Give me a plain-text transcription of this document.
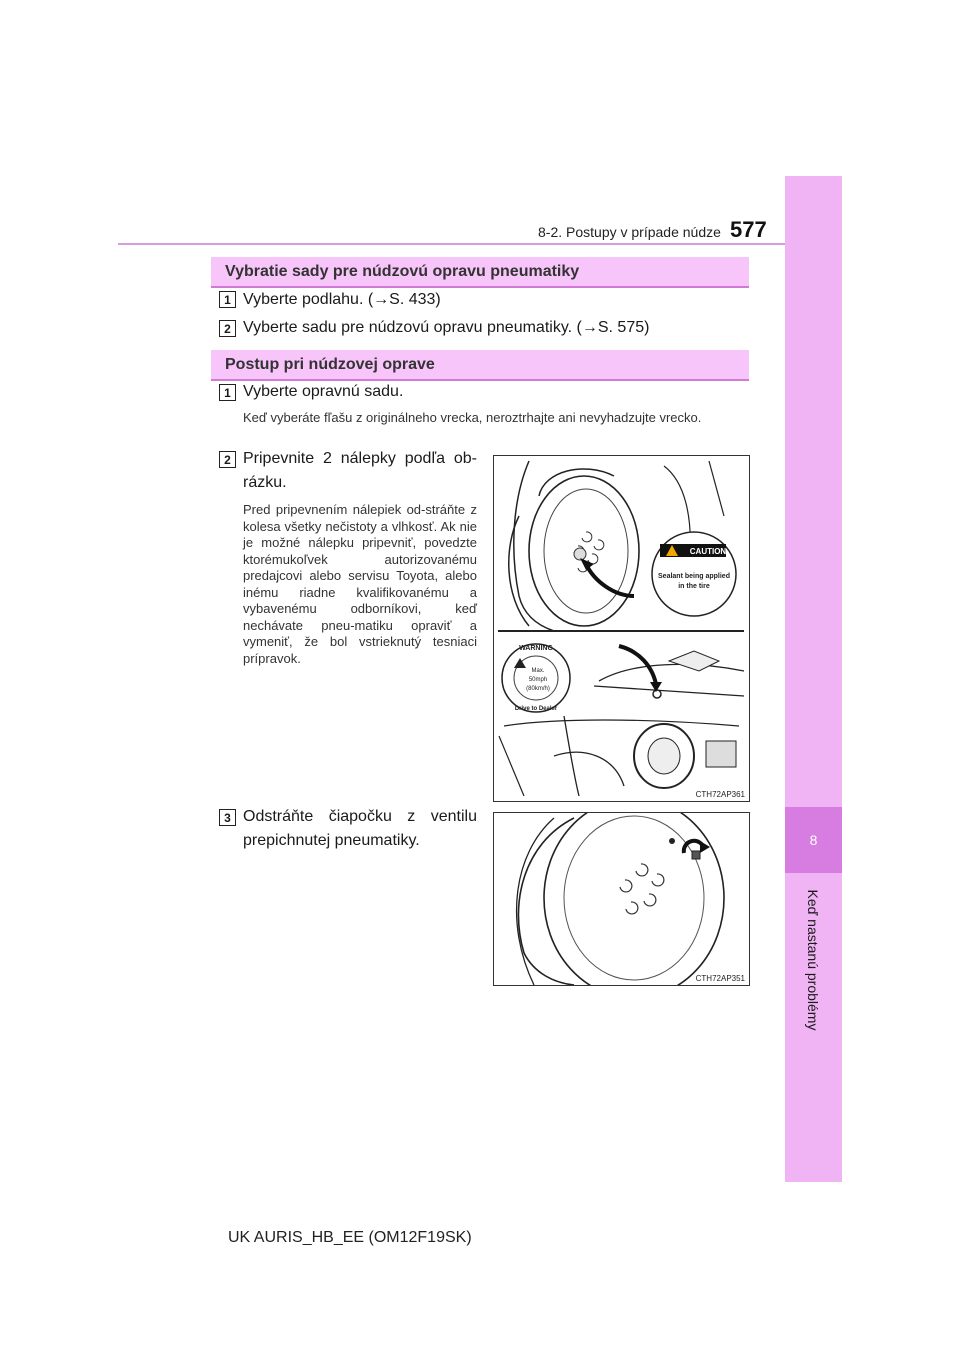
8
Keď nastanú problémy
8-2. Postupy v prípade núdze 577
Vybratie sady pre núdzovú opravu pneumatiky
1 Vyberte podlahu. (→S. 433)
2 Vyberte sadu pre núdzovú opravu pneumatiky. (→S. 575)
Postup pri núdzovej oprave
1 Vyberte opravnú sadu.
Keď vyberáte fľašu z originálneho vrecka, neroztrhajte ani nevyhadzujte vrecko.
2 Pripevnite 2 nálepky podľa ob-
rázku.
Pred pripevnením nálepiek od-stráňte z kolesa všetky nečistoty a vlhkosť. Ak nie je možné nálepku pripevniť, povedzte ktorémukoľvek autorizovanému predajcovi alebo servisu Toyota, alebo inému riadne kvalifikovanému a vybavenému odborníkovi, keď nechávate pneu-matiku opraviť a vymeniť, že bol vstrieknutý tesniaci prípravok.
3 Odstráňte čiapočku z ventilu
prepichnutej pneumatiky.
CAUTION
Sealant being applied
in the tire
WARNING
Max.
50mph
(80km/h)
Drive to Dealer
CTH72AP361
CTH72AP351
UK AURIS_HB_EE (OM12F19SK)
